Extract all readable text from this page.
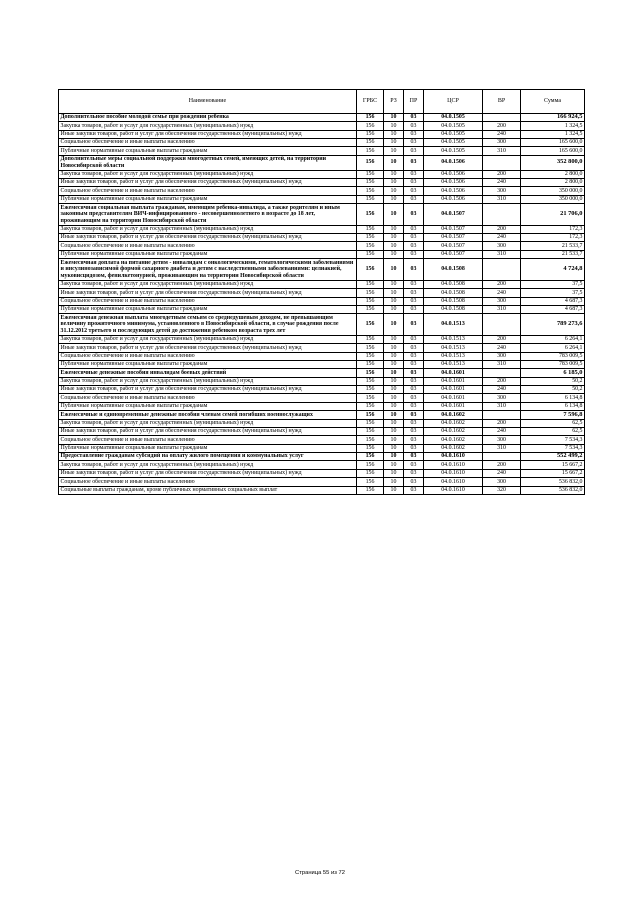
Наименование	ГРБС	РЗ	ПР	ЦСР	ВР	Сумма
Дополнительное пособие молодой семье при рождении ребенка	156	10	03	04.0.1505		166 924,5
Закупка товаров, работ и услуг для государственных (муниципальных) нужд	156	10	03	04.0.1505	200	1 324,5
Иные закупки товаров, работ и услуг для обеспечения государственных (муниципальных) нужд	156	10	03	04.0.1505	240	1 324,5
Социальное обеспечение и иные выплаты населению	156	10	03	04.0.1505	300	165 600,0
Публичные нормативные социальные выплаты гражданам	156	10	03	04.0.1505	310	165 600,0
Дополнительные меры социальной поддержки многодетных семей, имеющих детей, на территории Новосибирской области	156	10	03	04.0.1506		352 800,0
Закупка товаров, работ и услуг для государственных (муниципальных) нужд	156	10	03	04.0.1506	200	2 800,0
Иные закупки товаров, работ и услуг для обеспечения государственных (муниципальных) нужд	156	10	03	04.0.1506	240	2 800,0
Социальное обеспечение и иные выплаты населению	156	10	03	04.0.1506	300	350 000,0
Публичные нормативные социальные выплаты гражданам	156	10	03	04.0.1506	310	350 000,0
Ежемесячная социальная выплата гражданам, имеющим ребенка-инвалида, а также родителям и иным законным представителям ВИЧ-инфицированного - несовершеннолетнего в возрасте до 18 лет, проживающим на территории Новосибирской области	156	10	03	04.0.1507		21 706,0
Закупка товаров, работ и услуг для государственных (муниципальных) нужд	156	10	03	04.0.1507	200	172,3
Иные закупки товаров, работ и услуг для обеспечения государственных (муниципальных) нужд	156	10	03	04.0.1507	240	172,3
Социальное обеспечение и иные выплаты населению	156	10	03	04.0.1507	300	21 533,7
Публичные нормативные социальные выплаты гражданам	156	10	03	04.0.1507	310	21 533,7
Ежемесячная доплата на питание детям - инвалидам с онкологическими, гематологическими заболеваниями и инсулинозависимой формой сахарного диабета и детям с наследственными заболеваниями: целиакией, муковисцидозом, фенилкетонурией, проживающим на территории Новосибирской области	156	10	03	04.0.1508		4 724,8
Закупка товаров, работ и услуг для государственных (муниципальных) нужд	156	10	03	04.0.1508	200	37,5
Иные закупки товаров, работ и услуг для обеспечения государственных (муниципальных) нужд	156	10	03	04.0.1508	240	37,5
Социальное обеспечение и иные выплаты населению	156	10	03	04.0.1508	300	4 687,3
Публичные нормативные социальные выплаты гражданам	156	10	03	04.0.1508	310	4 687,3
Ежемесячная денежная выплата многодетным семьям со среднедушевым доходом, не превышающим величину прожиточного минимума, установленного в Новосибирской области, в случае рождения после 31.12.2012 третьего и последующих детей до достижения ребенком возраста трех лет	156	10	03	04.0.1513		789 273,6
Закупка товаров, работ и услуг для государственных (муниципальных) нужд	156	10	03	04.0.1513	200	6 264,1
Иные закупки товаров, работ и услуг для обеспечения государственных (муниципальных) нужд	156	10	03	04.0.1513	240	6 264,1
Социальное обеспечение и иные выплаты населению	156	10	03	04.0.1513	300	783 009,5
Публичные нормативные социальные выплаты гражданам	156	10	03	04.0.1513	310	783 009,5
Ежемесячные денежные пособия инвалидам боевых действий	156	10	03	04.0.1601		6 185,0
Закупка товаров, работ и услуг для государственных (муниципальных) нужд	156	10	03	04.0.1601	200	50,2
Иные закупки товаров, работ и услуг для обеспечения государственных (муниципальных) нужд	156	10	03	04.0.1601	240	50,2
Социальное обеспечение и иные выплаты населению	156	10	03	04.0.1601	300	6 134,8
Публичные нормативные социальные выплаты гражданам	156	10	03	04.0.1601	310	6 134,8
Ежемесячные и единовременные денежные пособия членам семей погибших военнослужащих	156	10	03	04.0.1602		7 596,8
Закупка товаров, работ и услуг для государственных (муниципальных) нужд	156	10	03	04.0.1602	200	62,5
Иные закупки товаров, работ и услуг для обеспечения государственных (муниципальных) нужд	156	10	03	04.0.1602	240	62,5
Социальное обеспечение и иные выплаты населению	156	10	03	04.0.1602	300	7 534,3
Публичные нормативные социальные выплаты гражданам	156	10	03	04.0.1602	310	7 534,3
Предоставление гражданам субсидий на оплату жилого помещения и коммунальных услуг	156	10	03	04.0.1610		552 499,2
Закупка товаров, работ и услуг для государственных (муниципальных) нужд	156	10	03	04.0.1610	200	15 667,2
Иные закупки товаров, работ и услуг для обеспечения государственных (муниципальных) нужд	156	10	03	04.0.1610	240	15 667,2
Социальное обеспечение и иные выплаты населению	156	10	03	04.0.1610	300	536 832,0
Социальные выплаты гражданам, кроме публичных нормативных социальных выплат	156	10	03	04.0.1610	320	536 832,0
Страница 55 из 72
